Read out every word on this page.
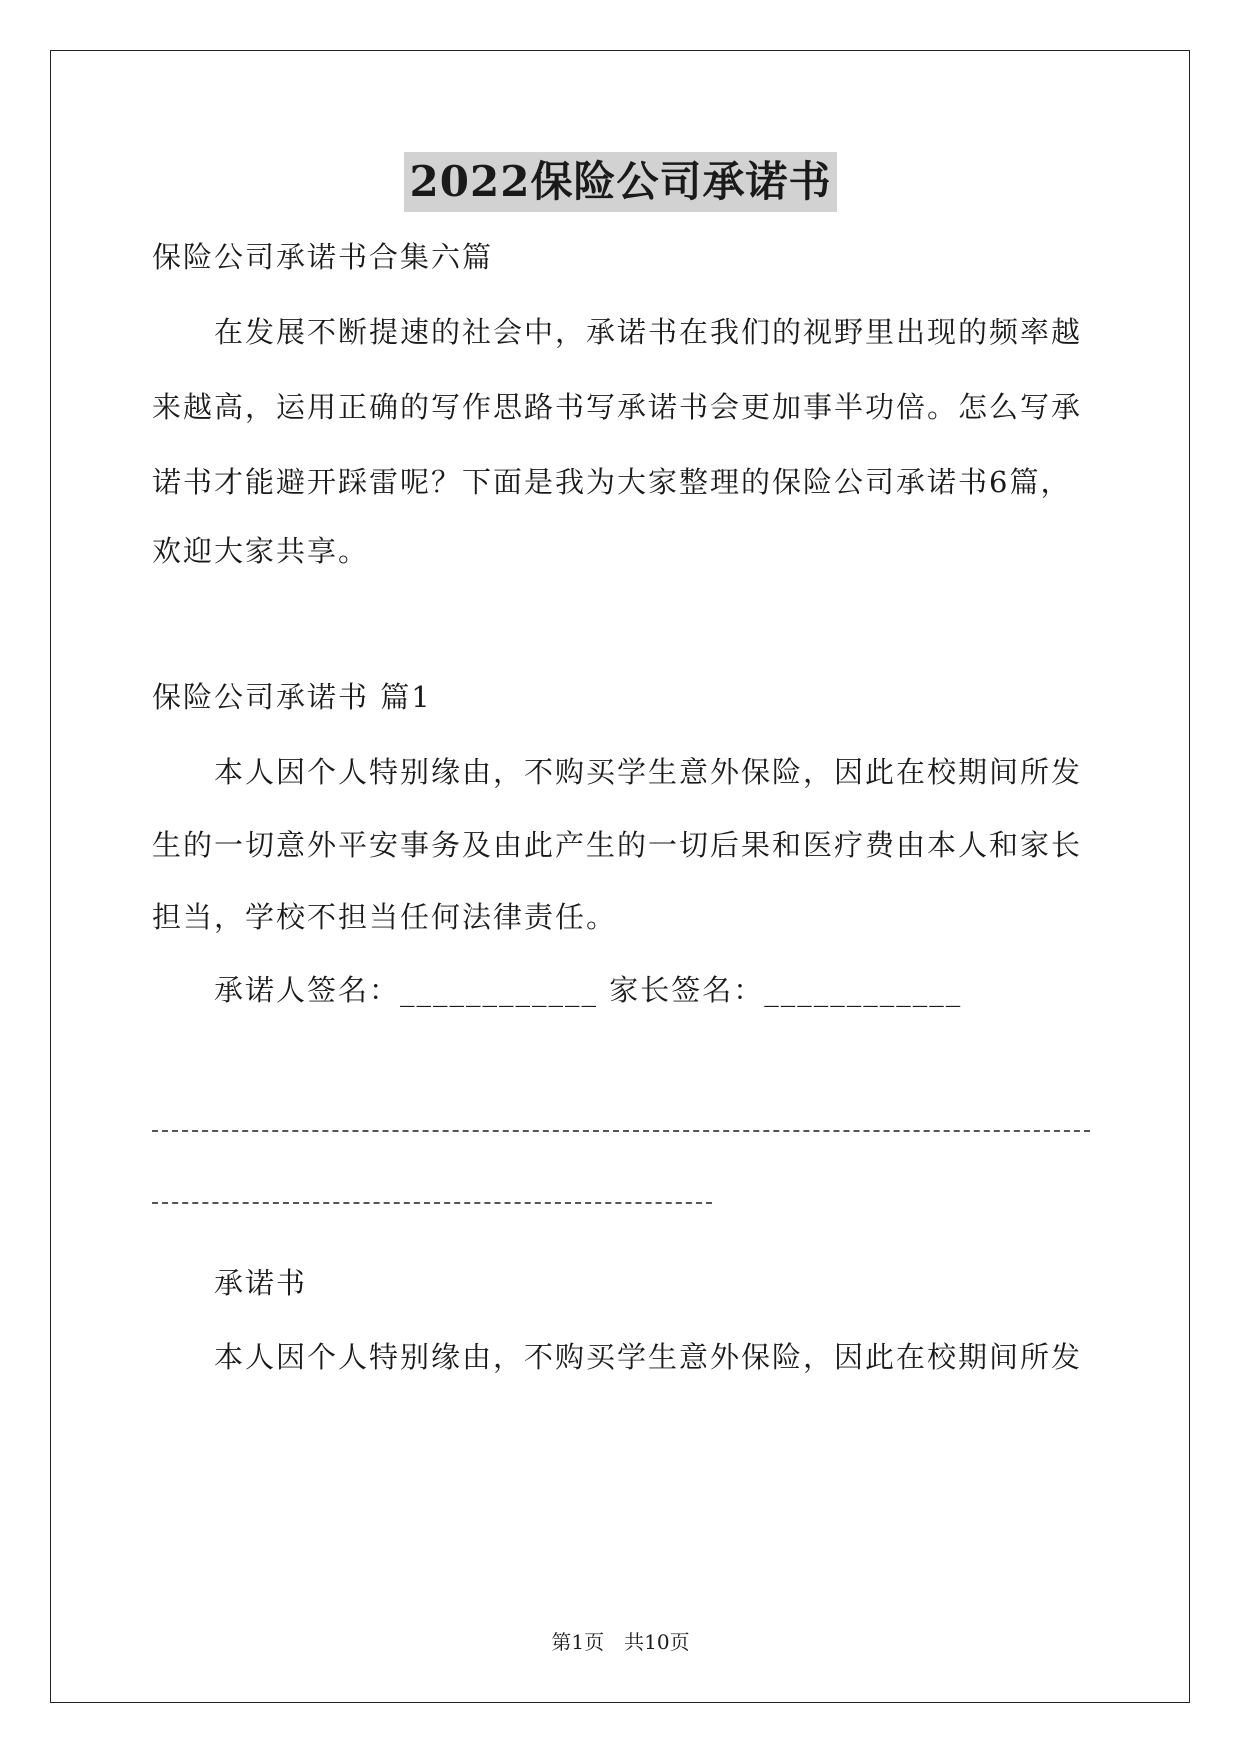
2022保险公司承诺书
保险公司承诺书合集六篇
在发展不断提速的社会中，承诺书在我们的视野里出现的频率越
来越高，运用正确的写作思路书写承诺书会更加事半功倍。怎么写承
诺书才能避开踩雷呢？下面是我为大家整理的保险公司承诺书6篇，
欢迎大家共享。
保险公司承诺书 篇1
本人因个人特别缘由，不购买学生意外保险，因此在校期间所发
生的一切意外平安事务及由此产生的一切后果和医疗费由本人和家长
担当，学校不担当任何法律责任。
承诺人签名：____________ 家长签名：____________
承诺书
本人因个人特别缘由，不购买学生意外保险，因此在校期间所发
第1页　共10页
